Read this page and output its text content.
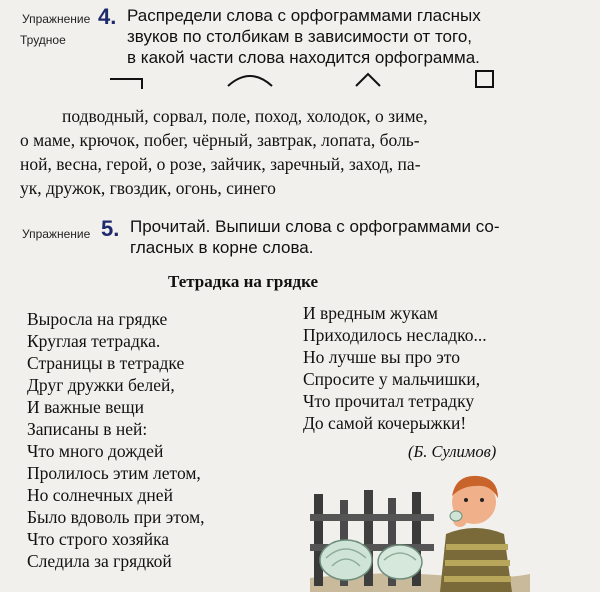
Упражнение 4.
Трудное
Распредели слова с орфограммами гласных
звуков по столбикам в зависимости от того,
в какой части слова находится орфограмма.
подводный, сорвал, поле, поход, холодок, о зиме,
о маме, крючок, побег, чёрный, завтрак, лопата, боль-
ной, весна, герой, о розе, зайчик, заречный, заход, па-
ук, дружок, гвоздик, огонь, синего
Упражнение 5. Прочитай. Выпиши слова с орфограммами со-
гласных в корне слова.
Тетрадка на грядке
Выросла на грядке
Круглая тетрадка.
Страницы в тетрадке
Друг дружки белей,
И важные вещи
Записаны в ней:
Что много дождей
Пролилось этим летом,
Но солнечных дней
Было вдоволь при этом,
Что строго хозяйка
Следила за грядкой
И вредным жукам
Приходилось несладко...
Но лучше вы про это
Спросите у мальчишки,
Что прочитал тетрадку
До самой кочерыжки!
(Б. Сулимов)
